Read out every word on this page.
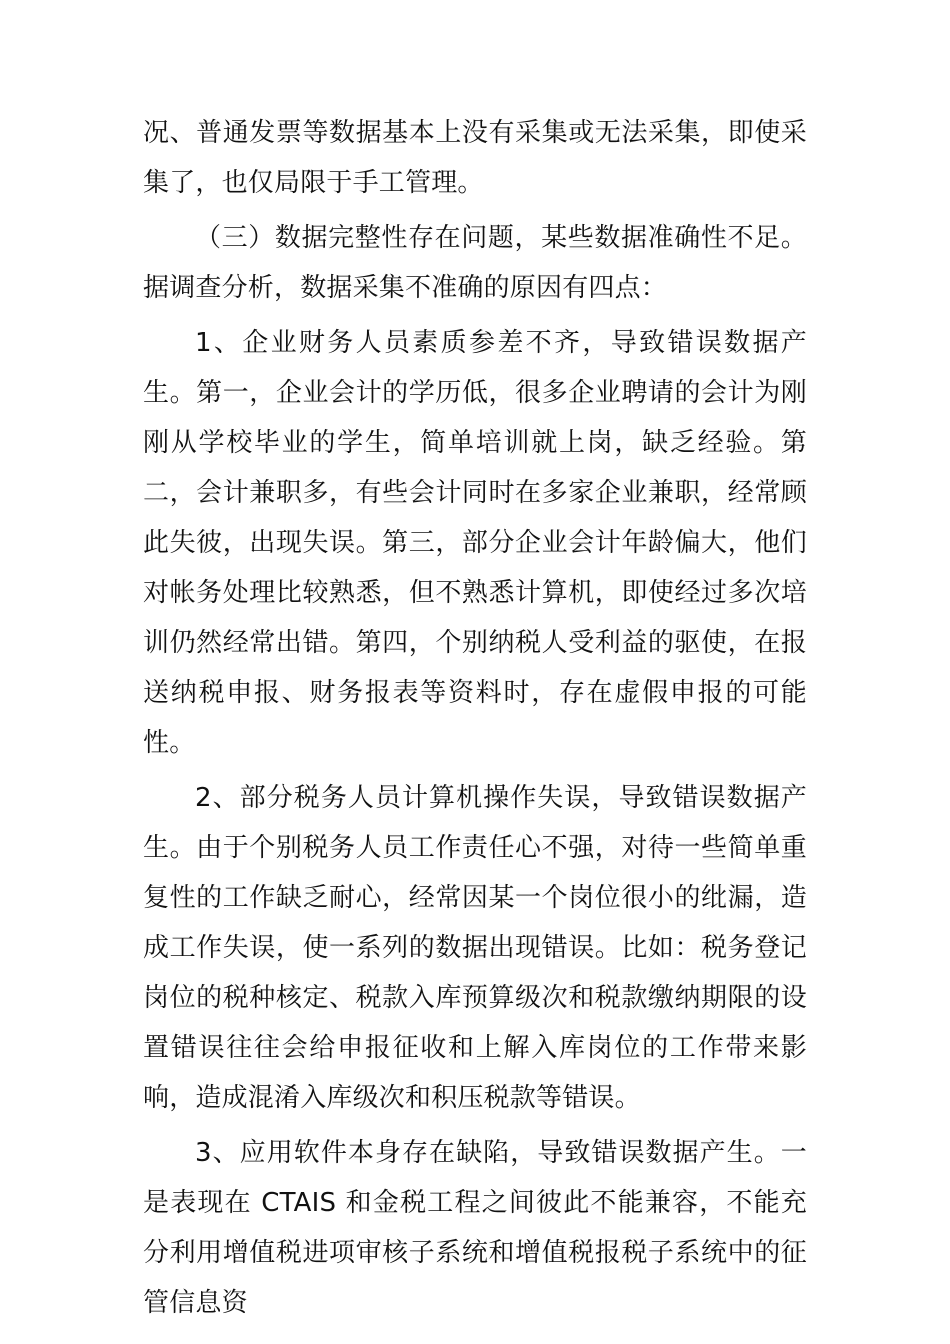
况、普通发票等数据基本上没有采集或无法采集，即使采集了，也仅局限于手工管理。

（三）数据完整性存在问题，某些数据准确性不足。据调查分析，数据采集不准确的原因有四点：

1、企业财务人员素质参差不齐，导致错误数据产生。第一，企业会计的学历低，很多企业聘请的会计为刚刚从学校毕业的学生，简单培训就上岗，缺乏经验。第二，会计兼职多，有些会计同时在多家企业兼职，经常顾此失彼，出现失误。第三，部分企业会计年龄偏大，他们对帐务处理比较熟悉，但不熟悉计算机，即使经过多次培训仍然经常出错。第四，个别纳税人受利益的驱使，在报送纳税申报、财务报表等资料时，存在虚假申报的可能性。

2、部分税务人员计算机操作失误，导致错误数据产生。由于个别税务人员工作责任心不强，对待一些简单重复性的工作缺乏耐心，经常因某一个岗位很小的纰漏，造成工作失误，使一系列的数据出现错误。比如：税务登记岗位的税种核定、税款入库预算级次和税款缴纳期限的设置错误往往会给申报征收和上解入库岗位的工作带来影响，造成混淆入库级次和积压税款等错误。

3、应用软件本身存在缺陷，导致错误数据产生。一是表现在 CTAIS 和金税工程之间彼此不能兼容，不能充分利用增值税进项审核子系统和增值税报税子系统中的征管信息资
